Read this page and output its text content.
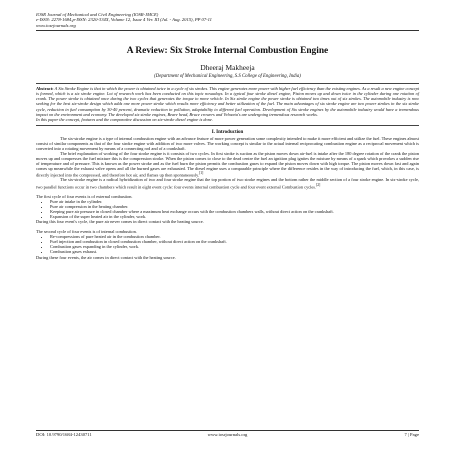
IOSR Journal of Mechanical and Civil Engineering (IOSR-JMCE)
e-ISSN: 2278-1684,p-ISSN: 2320-334X, Volume 12, Issue 4 Ver. III (Jul. - Aug. 2015), PP 07-11
www.iosrjournals.org
A Review: Six Stroke Internal Combustion Engine
Dheeraj Makheeja
(Department of Mechanical Engineering, S.S College of Engineering, India)

Abstract: A Six Stroke Engine is that in which the power is obtained twice in a cycle of six strokes. This engine generates more power with higher fuel efficiency than the existing engines. As a result a new engine concept is formed, which is a six stroke engine. Lot of research work has been conducted on this topic nowadays. In a typical four stroke diesel engine, Piston moves up and down twice in the cylinder during one rotation of crank. The power stroke is obtained once during the two cycles that generates the torque to move vehicle. In Six stroke engine the power stroke is obtained two times out of six strokes. The automobile industry is now seeking for the best six-stroke design which adds one more power stroke which results more efficiency and better utilization of the fuel. The main advantages of six stroke engine are two power strokes in the six stroke cycle, reduction in fuel consumption by 30-40 percent, dramatic reduction in pollution, adaptability to different fuel operation. Development of Six stroke engines by the automobile industry would have a tremendous impact on the environment and economy. The developed six stroke engines, Beare head, Bruce crowers and Velozeta's are undergoing tremendous research works.

In this paper the concept, features and the comparative discussion on six-stroke diesel engine is done.

I. Introduction

The six-stroke engine is a type of internal combustion engine with an advance feature of more power generation some complexity intended to make it more efficient and utilize the fuel. These engines almost consist of similar components as that of the four stroke engine with addition of two more valves. The working concept is similar to the actual internal reciprocating combustion engine as a reciprocal movement which is converted into a rotating movement by means of a connecting rod and of a crankshaft.

The brief explanation of working of the four stroke engine is it consists of two cycles. In first stroke is suction as the piston moves down air-fuel is intake after the 180 degree rotation of the crank the piston moves up and compresses the fuel mixture this is the compression stroke. When the piston comes to close to the dead centre the fuel an ignition plug ignites the mixture by means of a spark which provokes a sudden rise of temperature and of pressure. This is known as the power stroke and as the fuel burn the piston permits the combustion gases to expand the piston moves down with high torque. The piston moves down fast and again comes up meanwhile the exhaust valve opens and all the burned gases are exhausted. The diesel engine uses a comparable principle where the difference resides in the way of introducing the fuel, which, in this case, is directly injected into the compressed, and therefore hot air, and flames up then spontaneously.[1]

The six-stroke engine is a radical hybridization of two and four stroke engine that the top portion of two stroke engines and the bottom rather the middle section of a four stroke engine. In six-stroke cycle, two parallel functions occur in two chambers which result in eight event cycle: four events internal combustion cycle and four event external Combustion cycles.[2]

The first cycle of four events is of external combustion.

• Pure air intake in the cylinder.
• Pure air compression in the heating chamber.
• Keeping pure air pressure in closed chamber where a maximum heat exchange occurs with the combustion chambers walls, without direct action on the crankshaft.
• Expansion of the super heated air in the cylinder, work.

During this four event's cycle, the pure air never comes in direct contact with the heating source.

The second cycle of four events is of internal combustion.

• Re-compressions of pure heated air in the combustion chamber.
• Fuel injection and combustion in closed combustion chamber, without direct action on the crankshaft.
• Combustion gases expanding in the cylinder, work.
• Combustion gases exhaust.

During these four events, the air comes in direct contact with the heating source.

DOI: 10.9790/1684-12430711	www.iosrjournals.org	7 | Page
